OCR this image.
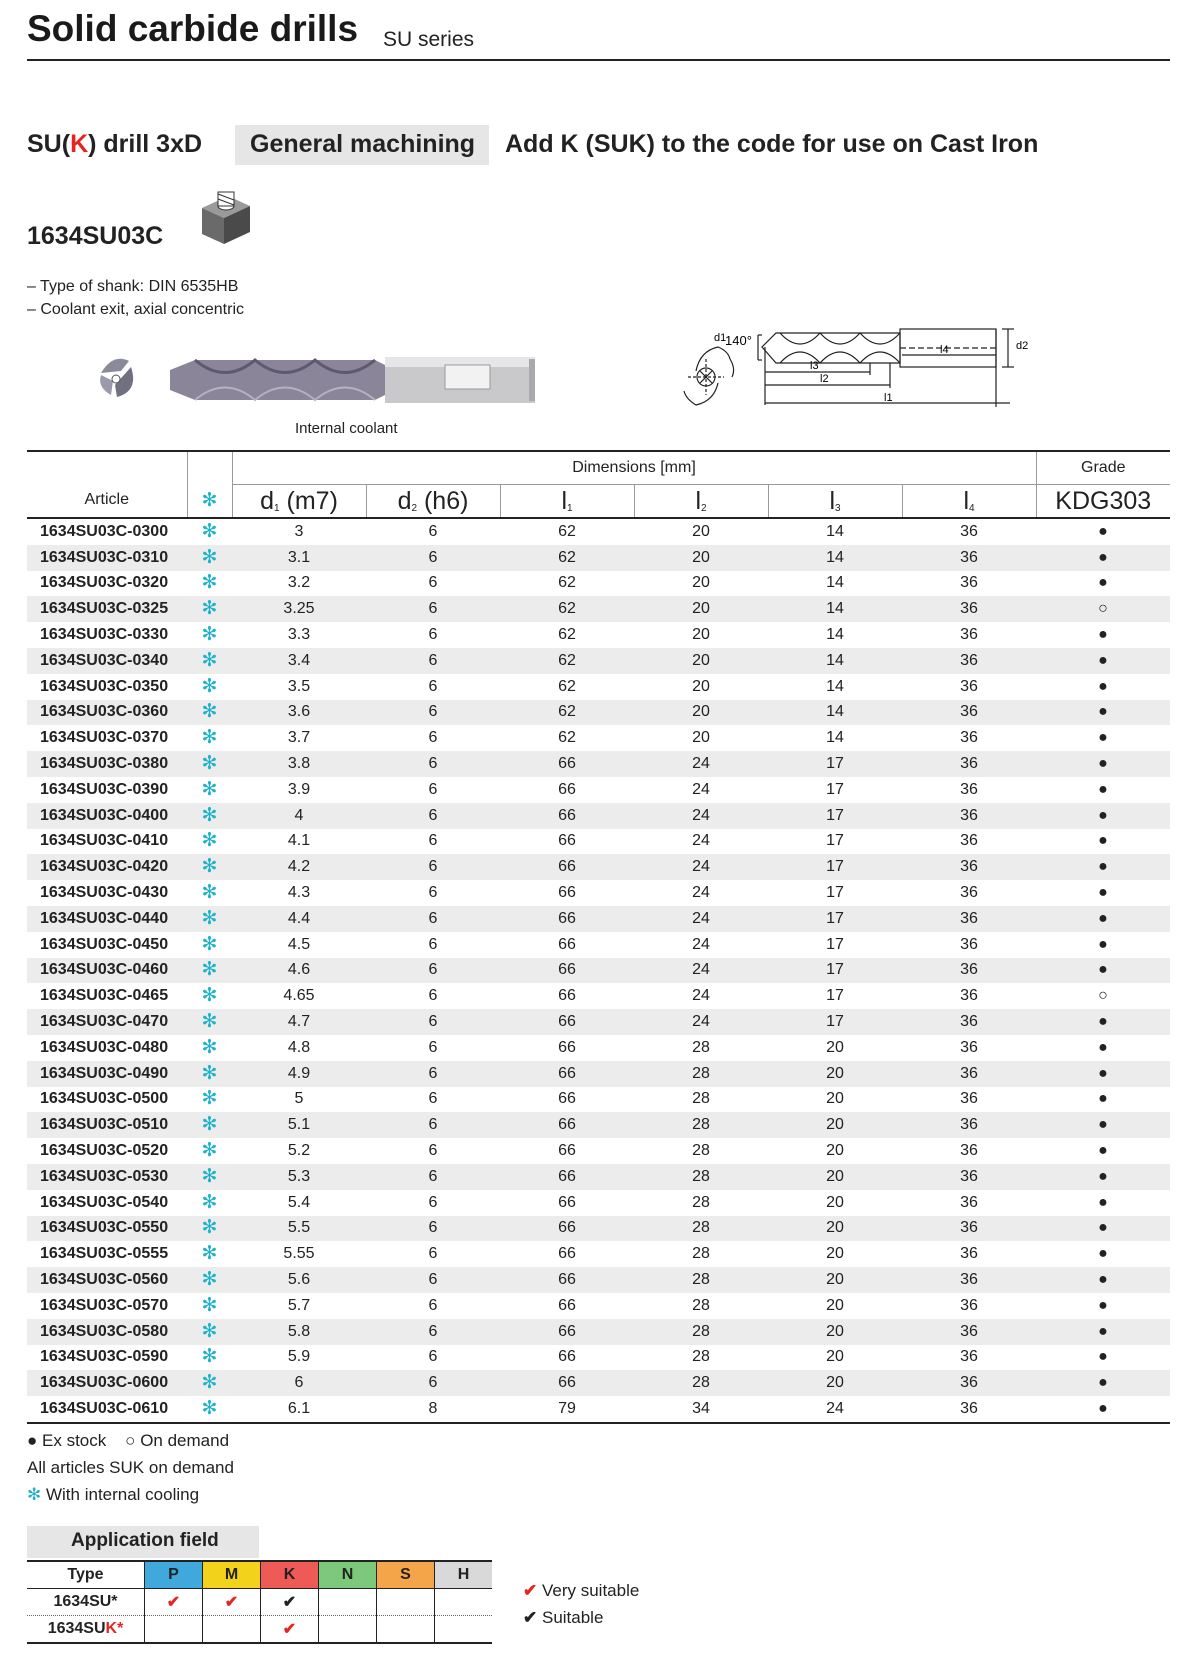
Solid carbide drills SU series
SU(K) drill 3xD	General machining	Add K (SUK) to the code for use on Cast Iron
1634SU03C
– Type of shank: DIN 6535HB
– Coolant exit, axial concentric
Internal coolant
d1
140°	d2
l3
l2
l4
l1
Article	✻	Dimensions [mm]						Grade
		$d_1$ (m7)	$d_2$ (h6)	$l_1$	$l_2$	$l_3$	$l_4$	KDG303
1634SU03C-0300	✻	3	6	62	20	14	36	●
1634SU03C-0310	✻	3.1	6	62	20	14	36	●
1634SU03C-0320	✻	3.2	6	62	20	14	36	●
1634SU03C-0325	✻	3.25	6	62	20	14	36	○
1634SU03C-0330	✻	3.3	6	62	20	14	36	●
1634SU03C-0340	✻	3.4	6	62	20	14	36	●
1634SU03C-0350	✻	3.5	6	62	20	14	36	●
1634SU03C-0360	✻	3.6	6	62	20	14	36	●
1634SU03C-0370	✻	3.7	6	62	20	14	36	●
1634SU03C-0380	✻	3.8	6	66	24	17	36	●
1634SU03C-0390	✻	3.9	6	66	24	17	36	●
1634SU03C-0400	✻	4	6	66	24	17	36	●
1634SU03C-0410	✻	4.1	6	66	24	17	36	●
1634SU03C-0420	✻	4.2	6	66	24	17	36	●
1634SU03C-0430	✻	4.3	6	66	24	17	36	●
1634SU03C-0440	✻	4.4	6	66	24	17	36	●
1634SU03C-0450	✻	4.5	6	66	24	17	36	●
1634SU03C-0460	✻	4.6	6	66	24	17	36	●
1634SU03C-0465	✻	4.65	6	66	24	17	36	○
1634SU03C-0470	✻	4.7	6	66	24	17	36	●
1634SU03C-0480	✻	4.8	6	66	28	20	36	●
1634SU03C-0490	✻	4.9	6	66	28	20	36	●
1634SU03C-0500	✻	5	6	66	28	20	36	●
1634SU03C-0510	✻	5.1	6	66	28	20	36	●
1634SU03C-0520	✻	5.2	6	66	28	20	36	●
1634SU03C-0530	✻	5.3	6	66	28	20	36	●
1634SU03C-0540	✻	5.4	6	66	28	20	36	●
1634SU03C-0550	✻	5.5	6	66	28	20	36	●
1634SU03C-0555	✻	5.55	6	66	28	20	36	●
1634SU03C-0560	✻	5.6	6	66	28	20	36	●
1634SU03C-0570	✻	5.7	6	66	28	20	36	●
1634SU03C-0580	✻	5.8	6	66	28	20	36	●
1634SU03C-0590	✻	5.9	6	66	28	20	36	●
1634SU03C-0600	✻	6	6	66	28	20	36	●
1634SU03C-0610	✻	6.1	8	79	34	24	36	●
● Ex stock ○ On demand
All articles SUK on demand
✻ With internal cooling
Application field
Type	P	M	K	N	S	H
1634SU*	✔	✔	✔			
1634SUK*			✔			
✔ Very suitable
✔ Suitable
